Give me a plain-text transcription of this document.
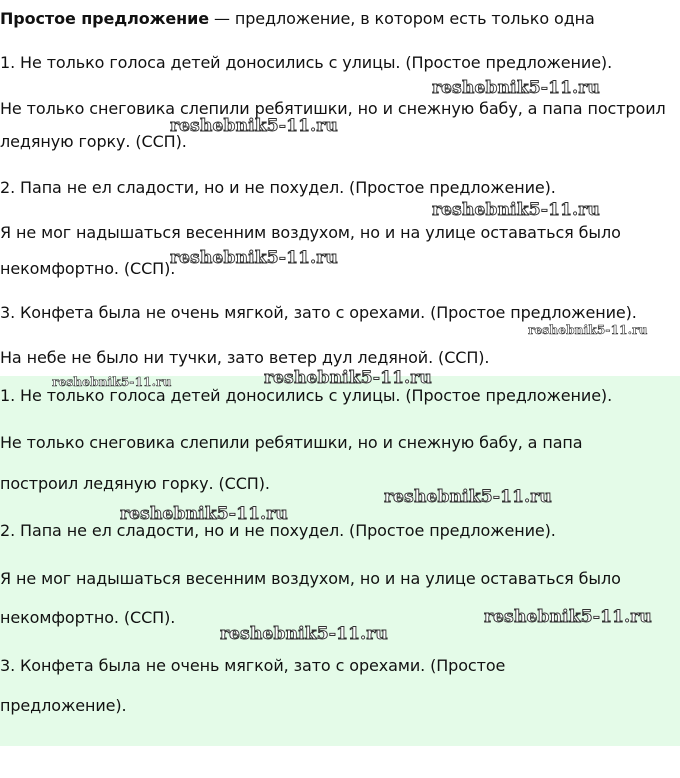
Простое предложение — предложение, в котором есть только одна
1. Не только голоса детей доносились с улицы. (Простое предложение).
Не только снеговика слепили ребятишки, но и снежную бабу, а папа построил
ледяную горку. (ССП).
2. Папа не ел сладости, но и не похудел. (Простое предложение).
Я не мог надышаться весенним воздухом, но и на улице оставаться было
некомфортно. (ССП).
3. Конфета была не очень мягкой, зато с орехами. (Простое предложение).
На небе не было ни тучки, зато ветер дул ледяной. (ССП).
1. Не только голоса детей доносились с улицы. (Простое предложение).
Не только снеговика слепили ребятишки, но и снежную бабу, а папа
построил ледяную горку. (ССП).
2. Папа не ел сладости, но и не похудел. (Простое предложение).
Я не мог надышаться весенним воздухом, но и на улице оставаться было
некомфортно. (ССП).
3. Конфета была не очень мягкой, зато с орехами. (Простое
предложение).
reshebnik5-11.ru
reshebnik5-11.ru
reshebnik5-11.ru
reshebnik5-11.ru
reshebnik5-11.ru
reshebnik5-11.ru	reshebnik5-11.ru
reshebnik5-11.ru
reshebnik5-11.ru
reshebnik5-11.ru
reshebnik5-11.ru
